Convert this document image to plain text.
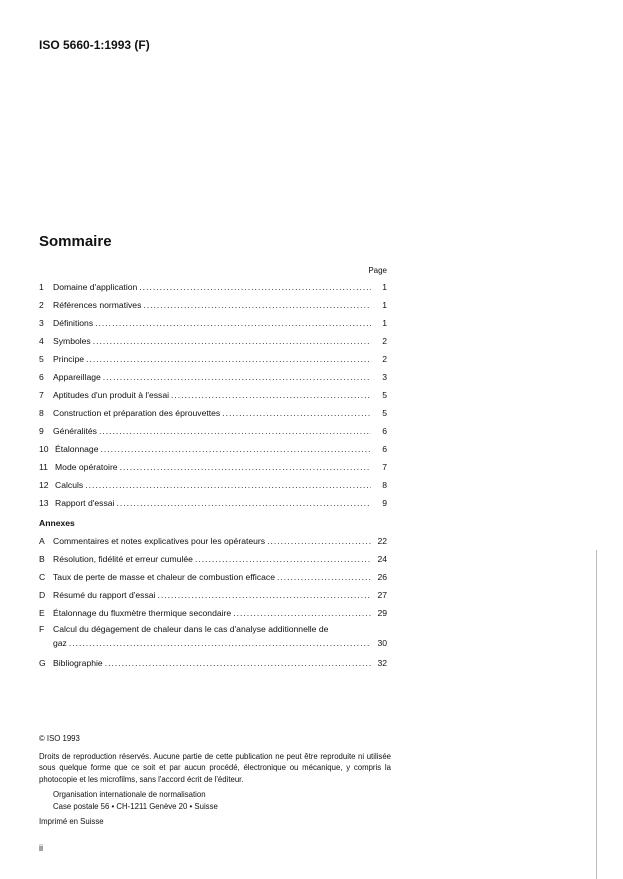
ISO 5660-1:1993 (F)
Sommaire
Page
1	Domaine d'application .....	1
2	Références normatives .....	1
3	Définitions .....	1
4	Symboles .....	2
5	Principe .....	2
6	Appareillage .....	3
7	Aptitudes d'un produit à l'essai .....	5
8	Construction et préparation des éprouvettes .....	5
9	Généralités .....	6
10 Étalonnage .....	6
11 Mode opératoire .....	7
12 Calculs .....	8
13 Rapport d'essai .....	9
Annexes
A Commentaires et notes explicatives pour les opérateurs .....	22
B Résolution, fidélité et erreur cumulée .....	24
C Taux de perte de masse et chaleur de combustion efficace .....	26
D Résumé du rapport d'essai .....	27
E Étalonnage du fluxmètre thermique secondaire .....	29
F	Calcul du dégagement de chaleur dans le cas d'analyse additionnelle de
gaz .....	30
G Bibliographie .....	32
© ISO 1993
Droits de reproduction réservés. Aucune partie de cette publication ne peut être reproduite ni utilisée sous quelque forme que ce soit et par aucun procédé, électronique ou mécanique, y compris la photocopie et les microfilms, sans l'accord écrit de l'éditeur.
Organisation internationale de normalisation
Case postale 56 • CH-1211 Genève 20 • Suisse
Imprimé en Suisse
ii
